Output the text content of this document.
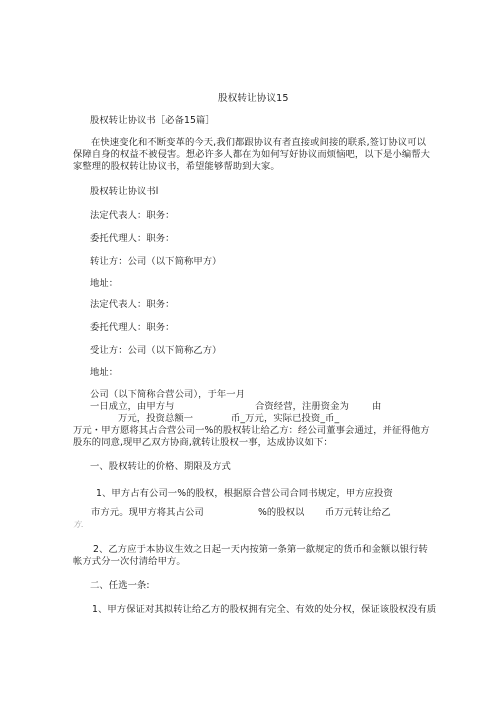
股权转让协议15
股权转让协议书［必备15篇］
在快速变化和不断变革的今天,我们都跟协议有者直接或间接的联系,签订协议可以
保障自身的权益不被侵害。想必许多人都在为如何写好协议而烦恼吧，以下是小编帮大
家整理的股权转让协议书，希望能够帮助到大家。
股权转让协议书l
法定代表人：职务：
委托代理人：职务：
转让方：公司（以下简称甲方）
地址：
法定代表人：职务：
委托代理人：职务：
受让方：公司（以下简称乙方）
地址：
公司（以下简称合营公司），于年一月
一日成立，由甲方与	合资经营，注册资金为 由
万元，投资总额一	币_万元，实际已投资_币_
万元・甲方愿将其占合营公司一%的股权转让给乙方：经公司董事会通过，并征得他方
股东的同意,现甲乙双方协商,就转让股权一事，达成协议如下：
一、股权转让的价格、期限及方式
1、甲方占有公司一%的股权，根据原合营公司合同书规定，甲方应投资
市方元。现甲方将其占公司	%的股权以 币万元转让给乙
方.
2、乙方应于本协议生效之日起一天内按第一条第一歙规定的货币和金额以银行转
帐方式分一次付清给甲方。
二、任选一条:
1、甲方保证对其拟转让给乙方的股权拥有完全、有效的处分权，保证该股权没有质
